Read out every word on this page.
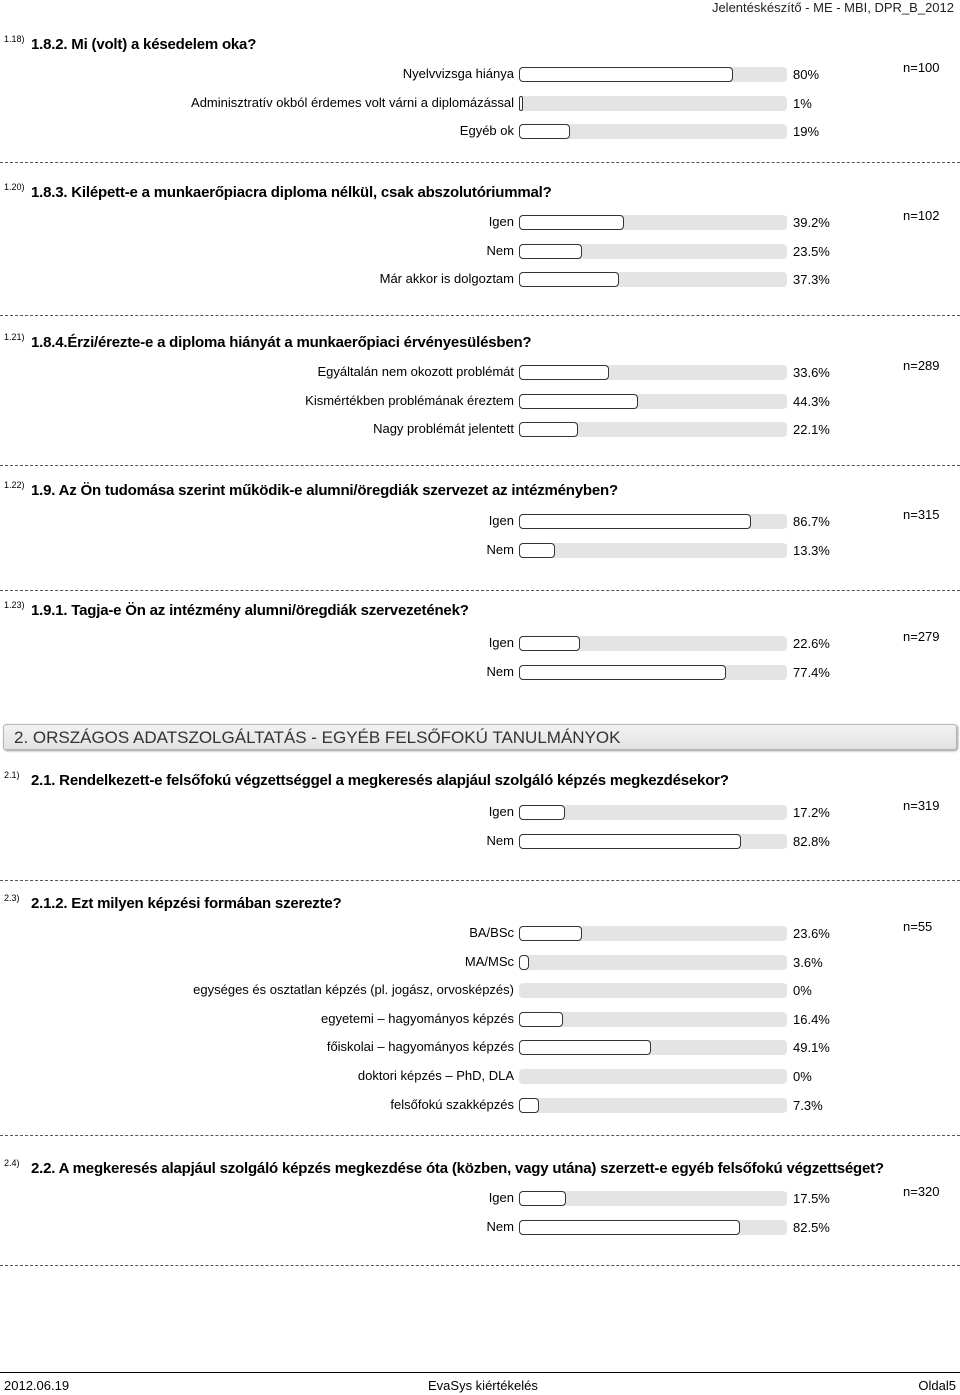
Jelentéskészítő - ME - MBI, DPR_B_2012
1.18) 1.8.2. Mi (volt) a késedelem oka?
n=100
Nyelvvizsga hiánya	80%
Adminisztratív okból érdemes volt várni a diplomázással	1%
Egyéb ok	19%
1.20) 1.8.3. Kilépett-e a munkaerőpiacra diploma nélkül, csak abszolutóriummal?
n=102
Igen	39.2%
Nem	23.5%
Már akkor is dolgoztam	37.3%
1.21) 1.8.4.Érzi/érezte-e a diploma hiányát a munkaerőpiaci érvényesülésben?
n=289
Egyáltalán nem okozott problémát	33.6%
Kismértékben problémának éreztem	44.3%
Nagy problémát jelentett	22.1%
1.22) 1.9. Az Ön tudomása szerint működik-e alumni/öregdiák szervezet az intézményben?
n=315
Igen	86.7%
Nem	13.3%
1.23) 1.9.1. Tagja-e Ön az intézmény alumni/öregdiák szervezetének?
n=279
Igen	22.6%
Nem	77.4%
2.1) 2.1. Rendelkezett-e felsőfokú végzettséggel a megkeresés alapjául szolgáló képzés megkezdésekor?
n=319
Igen	17.2%
Nem	82.8%
2.3) 2.1.2. Ezt milyen képzési formában szerezte?
n=55
BA/BSc	23.6%
MA/MSc	3.6%
egységes és osztatlan képzés (pl. jogász, orvosképzés)	0%
egyetemi – hagyományos képzés	16.4%
főiskolai – hagyományos képzés	49.1%
doktori képzés – PhD, DLA	0%
felsőfokú szakképzés	7.3%
2.4) 2.2. A megkeresés alapjául szolgáló képzés megkezdése óta (közben, vagy utána) szerzett-e egyéb felsőfokú végzettséget?
n=320
Igen	17.5%
Nem	82.5%
2. ORSZÁGOS ADATSZOLGÁLTATÁS - EGYÉB FELSŐFOKÚ TANULMÁNYOK
2012.06.19	EvaSys kiértékelés	Oldal5
